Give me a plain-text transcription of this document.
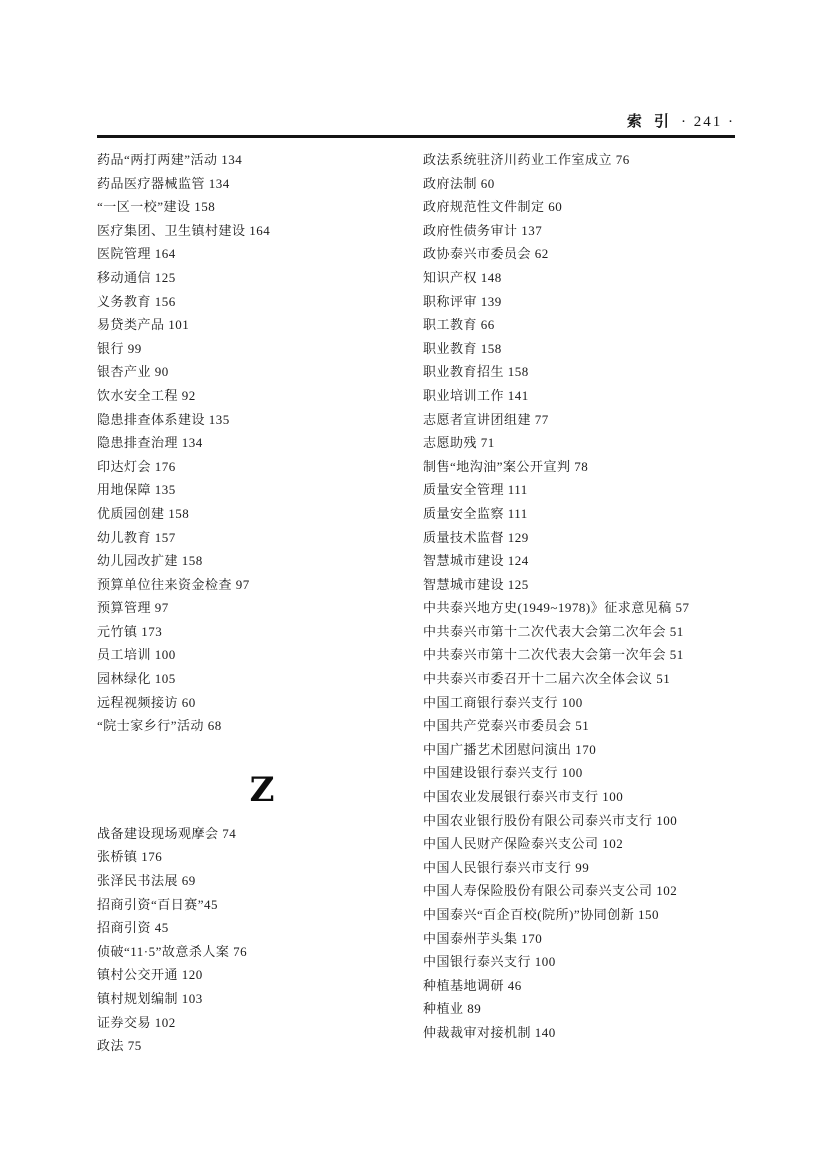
索 引 · 241 ·
药品“两打两建”活动 134
药品医疗器械监管 134
“一区一校”建设 158
医疗集团、卫生镇村建设 164
医院管理 164
移动通信 125
义务教育 156
易贷类产品 101
银行 99
银杏产业 90
饮水安全工程 92
隐患排查体系建设 135
隐患排查治理 134
印达灯会 176
用地保障 135
优质园创建 158
幼儿教育 157
幼儿园改扩建 158
预算单位往来资金检查 97
预算管理 97
元竹镇 173
员工培训 100
园林绿化 105
远程视频接访 60
“院士家乡行”活动 68
Z
战备建设现场观摩会 74
张桥镇 176
张泽民书法展 69
招商引资“百日赛”45
招商引资 45
侦破“11·5”故意杀人案 76
镇村公交开通 120
镇村规划编制 103
证券交易 102
政法 75
政法系统驻济川药业工作室成立 76
政府法制 60
政府规范性文件制定 60
政府性债务审计 137
政协泰兴市委员会 62
知识产权 148
职称评审 139
职工教育 66
职业教育 158
职业教育招生 158
职业培训工作 141
志愿者宣讲团组建 77
志愿助残 71
制售“地沟油”案公开宣判 78
质量安全管理 111
质量安全监察 111
质量技术监督 129
智慧城市建设 124
智慧城市建设 125
中共泰兴地方史(1949~1978)》征求意见稿 57
中共泰兴市第十二次代表大会第二次年会 51
中共泰兴市第十二次代表大会第一次年会 51
中共泰兴市委召开十二届六次全体会议 51
中国工商银行泰兴支行 100
中国共产党泰兴市委员会 51
中国广播艺术团慰问演出 170
中国建设银行泰兴支行 100
中国农业发展银行泰兴市支行 100
中国农业银行股份有限公司泰兴市支行 100
中国人民财产保险泰兴支公司 102
中国人民银行泰兴市支行 99
中国人寿保险股份有限公司泰兴支公司 102
中国泰兴“百企百校(院所)”协同创新 150
中国泰州芋头集 170
中国银行泰兴支行 100
种植基地调研 46
种植业 89
仲裁裁审对接机制 140
